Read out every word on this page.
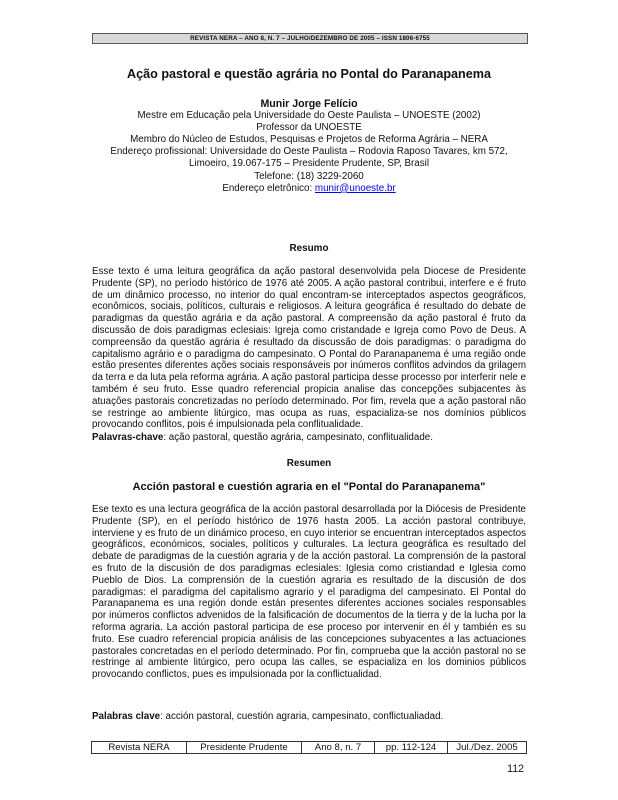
REVISTA NERA – ANO 8, N. 7 – JULHO/DEZEMBRO DE 2005 – ISSN 1806-6755
Ação pastoral e questão agrária no Pontal do Paranapanema
Munir Jorge Felício
Mestre em Educação pela Universidade do Oeste Paulista – UNOESTE (2002)
Professor da UNOESTE
Membro do Núcleo de Estudos, Pesquisas e Projetos de Reforma Agrária – NERA
Endereço profissional: Universidade do Oeste Paulista – Rodovia Raposo Tavares, km 572,
Limoeiro, 19.067-175 – Presidente Prudente, SP, Brasil
Telefone: (18) 3229-2060
Endereço eletrônico: munir@unoeste.br
Resumo

Esse texto é uma leitura geográfica da ação pastoral desenvolvida pela Diocese de Presidente Prudente (SP), no período histórico de 1976 até 2005. A ação pastoral contribui, interfere e é fruto de um dinâmico processo, no interior do qual encontram-se interceptados aspectos geográficos, econômicos, sociais, políticos, culturais e religiosos. A leitura geográfica é resultado do debate de paradigmas da questão agrária e da ação pastoral. A compreensão da ação pastoral é fruto da discussão de dois paradigmas eclesiais: Igreja como cristandade e Igreja como Povo de Deus. A compreensão da questão agrária é resultado da discussão de dois paradigmas: o paradigma do capitalismo agrário e o paradigma do campesinato. O Pontal do Paranapanema é uma região onde estão presentes diferentes ações sociais responsáveis por inúmeros conflitos advindos da grilagem da terra e da luta pela reforma agrária. A ação pastoral participa desse processo por interferir nele e também é seu fruto. Esse quadro referencial propicia analise das concepções subjacentes às atuações pastorais concretizadas no período determinado. Por fim, revela que a ação pastoral não se restringe ao ambiente litúrgico, mas ocupa as ruas, espacializa-se nos domínios públicos provocando conflitos, pois é impulsionada pela conflitualidade.

Palavras-chave: ação pastoral, questão agrária, campesinato, conflitualidade.

Resumen
Acción pastoral e cuestión agraria en el "Pontal do Paranapanema"

Ese texto es una lectura geográfica de la acción pastoral desarrollada por la Diócesis de Presidente Prudente (SP), en el período histórico de 1976 hasta 2005. La acción pastoral contribuye, interviene y es fruto de un dinámico proceso, en cuyo interior se encuentran interceptados aspectos geográficos, económicos, sociales, políticos y culturales. La lectura geográfica es resultado del debate de paradigmas de la cuestión agraria y de la acción pastoral. La comprensión de la pastoral es fruto de la discusión de dos paradigmas eclesiales: Iglesia como cristiandad e Iglesia como Pueblo de Dios. La comprensión de la cuestión agraria es resultado de la discusión de dos paradigmas: el paradigma del capitalismo agrario y el paradigma del campesinato. El Pontal do Paranapanema es una región donde están presentes diferentes acciones sociales responsables por inúmeros conflictos advenidos de la falsificación de documentos de la tierra y de la lucha por la reforma agraria. La acción pastoral participa de ese proceso por intervenir en él y también es su fruto. Ese cuadro referencial propicia análisis de las concepciones subyacentes a las actuaciones pastorales concretadas en el período determinado. Por fin, comprueba que la acción pastoral no se restringe al ambiente litúrgico, pero ocupa las calles, se espacializa en los dominios públicos provocando conflictos, pues es impulsionada por la conflictualidad.

Palabras clave: acción pastoral, cuestión agraria, campesinato, conflictualiadad.

Revista NERA	Presidente Prudente	Ano 8, n. 7	pp. 112-124	Jul./Dez. 2005
112
